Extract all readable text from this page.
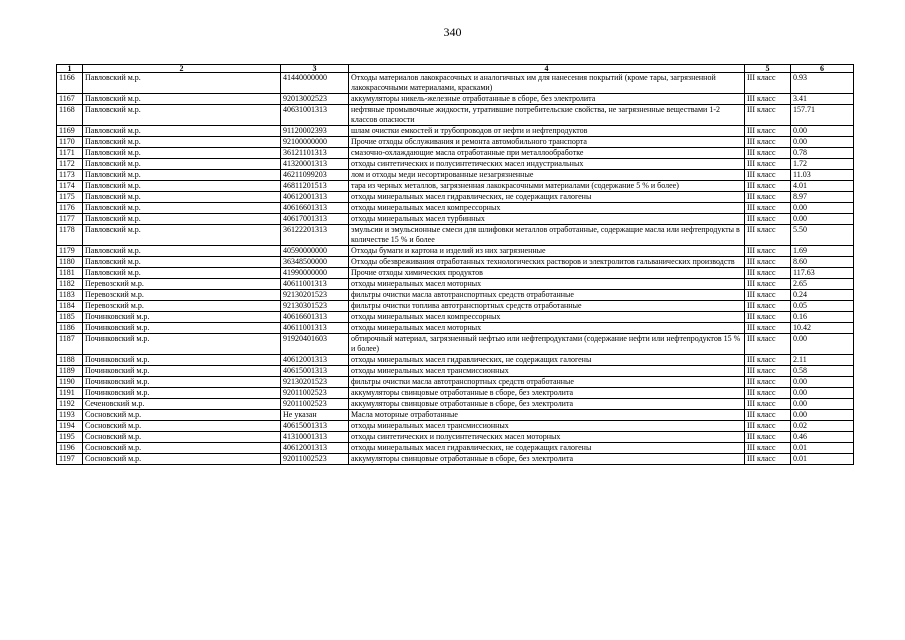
340
1	2	3	4	5	6
1166	Павловский м.р.	41440000000	Отходы материалов лакокрасочных и аналогичных им для нанесения покрытий (кроме тары, загрязненной лакокрасочными материалами, красками)	III класс	0.93
1167	Павловский м.р.	92013002523	аккумуляторы никель-железные отработанные в сборе, без электролита	III класс	3.41
1168	Павловский м.р.	40631001313	нефтяные промывочные жидкости, утратившие потребительские свойства, не загрязненные веществами 1-2 классов опасности	III класс	157.71
1169	Павловский м.р.	91120002393	шлам очистки емкостей и трубопроводов от нефти и нефтепродуктов	III класс	0.00
1170	Павловский м.р.	92100000000	Прочие отходы обслуживания и ремонта автомобильного транспорта	III класс	0.00
1171	Павловский м.р.	36121101313	смазочно-охлаждающие масла отработанные при металлообработке	III класс	0.78
1172	Павловский м.р.	41320001313	отходы синтетических и полусинтетических масел индустриальных	III класс	1.72
1173	Павловский м.р.	46211099203	лом и отходы меди несортированные незагрязненные	III класс	11.03
1174	Павловский м.р.	46811201513	тара из черных металлов, загрязненная лакокрасочными материалами (содержание 5 % и более)	III класс	4.01
1175	Павловский м.р.	40612001313	отходы минеральных масел гидравлических, не содержащих галогены	III класс	8.97
1176	Павловский м.р.	40616601313	отходы минеральных масел компрессорных	III класс	0.00
1177	Павловский м.р.	40617001313	отходы минеральных масел турбинных	III класс	0.00
1178	Павловский м.р.	36122201313	эмульсии и эмульсионные смеси для шлифовки металлов отработанные, содержащие масла или нефтепродукты в количестве 15 % и более	III класс	5.50
1179	Павловский м.р.	40590000000	Отходы бумаги и картона и изделий из них загрязненные	III класс	1.69
1180	Павловский м.р.	36348500000	Отходы обезвреживания отработанных технологических растворов и электролитов гальванических производств	III класс	8.60
1181	Павловский м.р.	41990000000	Прочие отходы химических продуктов	III класс	117.63
1182	Перевозский м.р.	40611001313	отходы минеральных масел моторных	III класс	2.65
1183	Перевозский м.р.	92130201523	фильтры очистки масла автотранспортных средств отработанные	III класс	0.24
1184	Перевозский м.р.	92130301523	фильтры очистки топлива автотранспортных средств отработанные	III класс	0.05
1185	Починковский м.р.	40616601313	отходы минеральных масел компрессорных	III класс	0.16
1186	Починковский м.р.	40611001313	отходы минеральных масел моторных	III класс	10.42
1187	Починковский м.р.	91920401603	обтирочный материал, загрязненный нефтью или нефтепродуктами (содержание нефти или нефтепродуктов 15 % и более)	III класс	0.00
1188	Починковский м.р.	40612001313	отходы минеральных масел гидравлических, не содержащих галогены	III класс	2.11
1189	Починковский м.р.	40615001313	отходы минеральных масел трансмиссионных	III класс	0.58
1190	Починковский м.р.	92130201523	фильтры очистки масла автотранспортных средств отработанные	III класс	0.00
1191	Починковский м.р.	92011002523	аккумуляторы свинцовые отработанные в сборе, без электролита	III класс	0.00
1192	Сеченовский м.р.	92011002523	аккумуляторы свинцовые отработанные в сборе, без электролита	III класс	0.00
1193	Сосновский м.р.	Не указан	Масла моторные отработанные	III класс	0.00
1194	Сосновский м.р.	40615001313	отходы минеральных масел трансмиссионных	III класс	0.02
1195	Сосновский м.р.	41310001313	отходы синтетических и полусинтетических масел моторных	III класс	0.46
1196	Сосновский м.р.	40612001313	отходы минеральных масел гидравлических, не содержащих галогены	III класс	0.01
1197	Сосновский м.р.	92011002523	аккумуляторы свинцовые отработанные в сборе, без электролита	III класс	0.01
